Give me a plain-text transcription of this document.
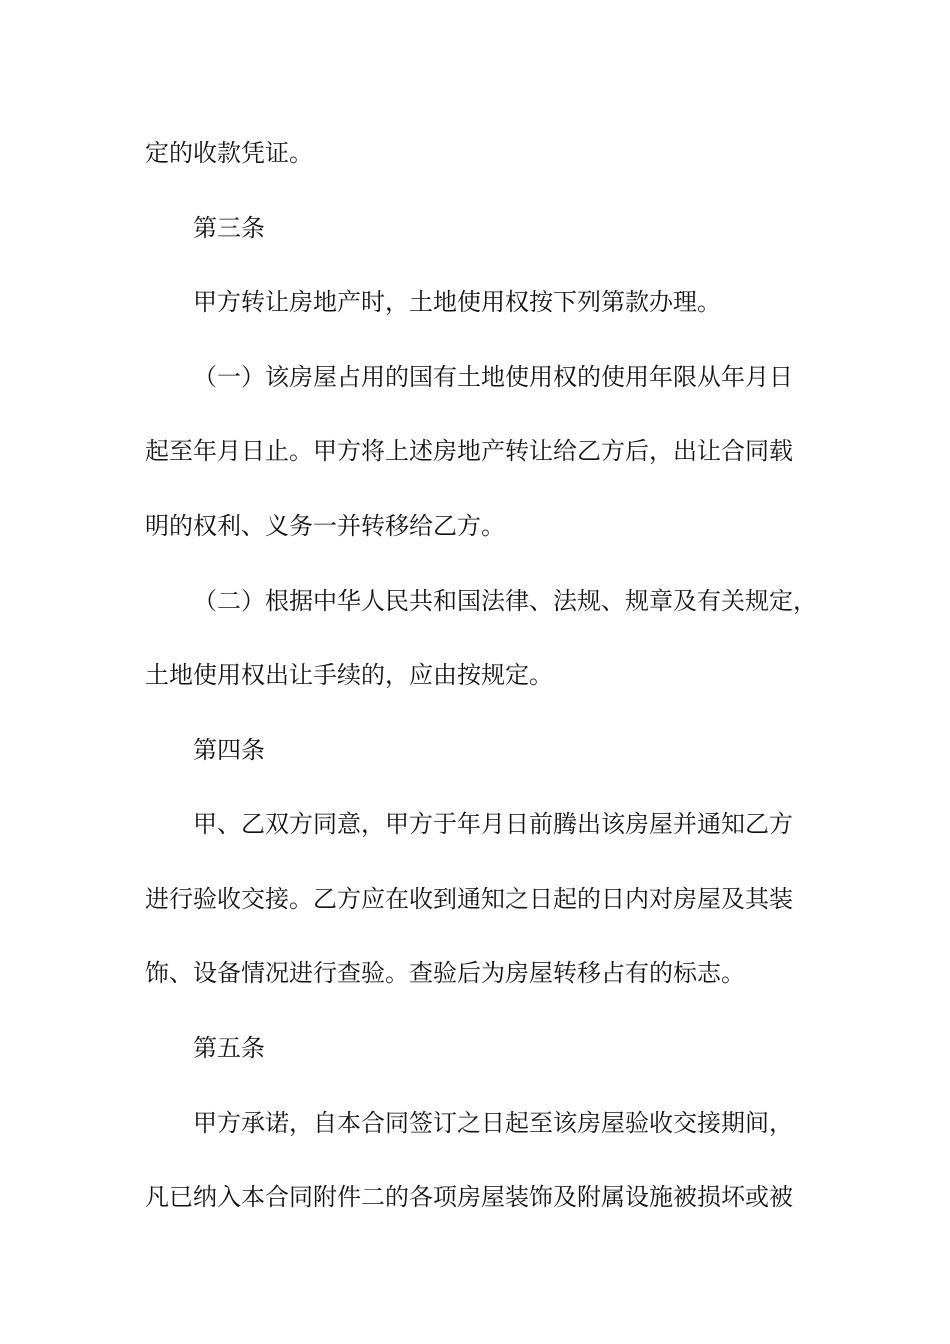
定的收款凭证。
第三条
甲方转让房地产时，土地使用权按下列第款办理。
（一）该房屋占用的国有土地使用权的使用年限从年月日
起至年月日止。甲方将上述房地产转让给乙方后，出让合同载
明的权利、义务一并转移给乙方。
（二）根据中华人民共和国法律、法规、规章及有关规定，
土地使用权出让手续的，应由按规定。
第四条
甲、乙双方同意，甲方于年月日前腾出该房屋并通知乙方
进行验收交接。乙方应在收到通知之日起的日内对房屋及其装
饰、设备情况进行查验。查验后为房屋转移占有的标志。
第五条
甲方承诺，自本合同签订之日起至该房屋验收交接期间，
凡已纳入本合同附件二的各项房屋装饰及附属设施被损坏或被
